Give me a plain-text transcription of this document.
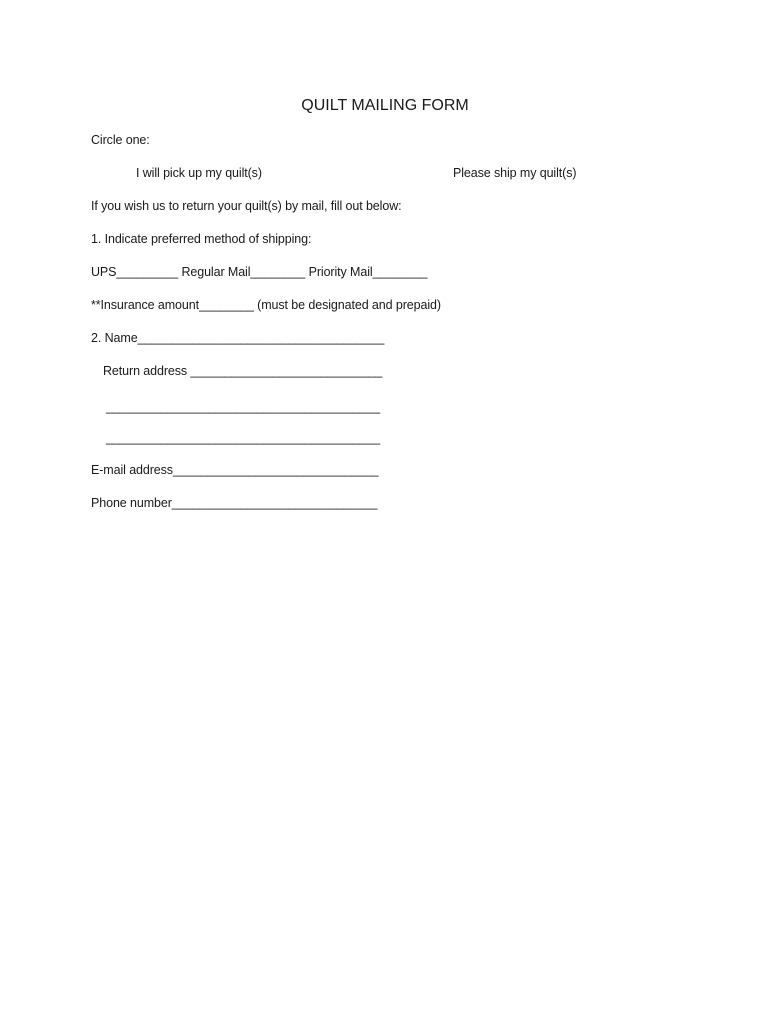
QUILT MAILING FORM
Circle one:
I will pick up my quilt(s)	Please ship my quilt(s)
If you wish us to return your quilt(s) by mail, fill out below:
1. Indicate preferred method of shipping:
UPS_________ Regular Mail________ Priority Mail________
**Insurance amount________ (must be designated and prepaid)
2. Name____________________________________
Return address ____________________________
________________________________________
________________________________________
E-mail address______________________________
Phone number______________________________
